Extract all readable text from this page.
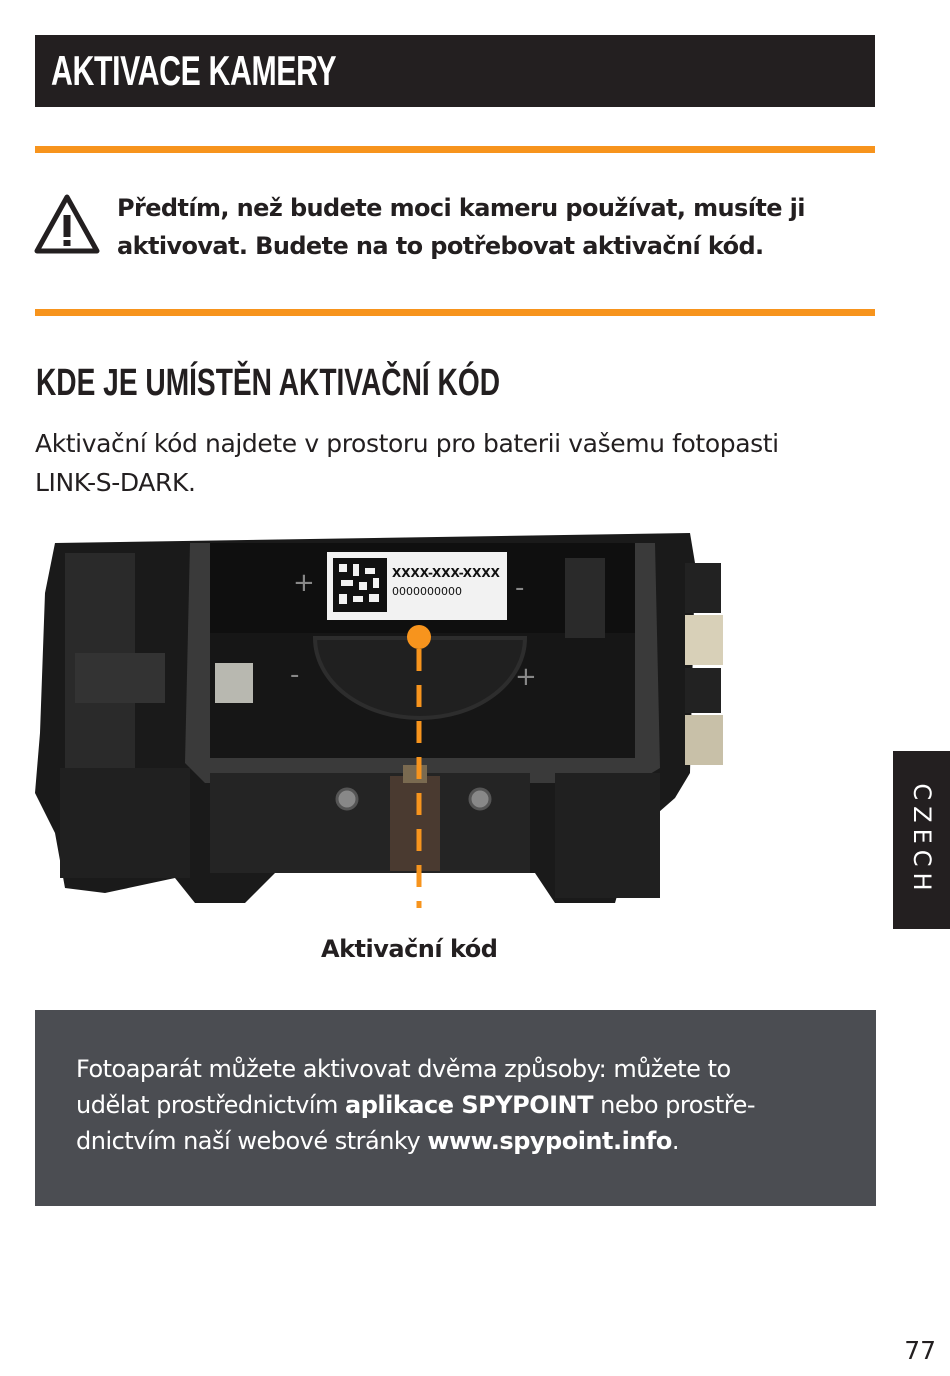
AKTIVACE KAMERY
Předtím, než budete moci kameru používat, musíte ji
aktivovat. Budete na to potřebovat aktivační kód.
KDE JE UMÍSTĚN AKTIVAČNÍ KÓD
Aktivační kód najdete v prostoru pro baterii vašemu fotopasti
LINK-S-DARK.
+
-
-
+
XXXX-XXX-XXXX
0000000000
Aktivační kód
Fotoaparát můžete aktivovat dvěma způsoby: můžete to
udělat prostřednictvím aplikace SPYPOINT nebo prostře-
dnictvím naší webové stránky www.spypoint.info.
CZECH
77
